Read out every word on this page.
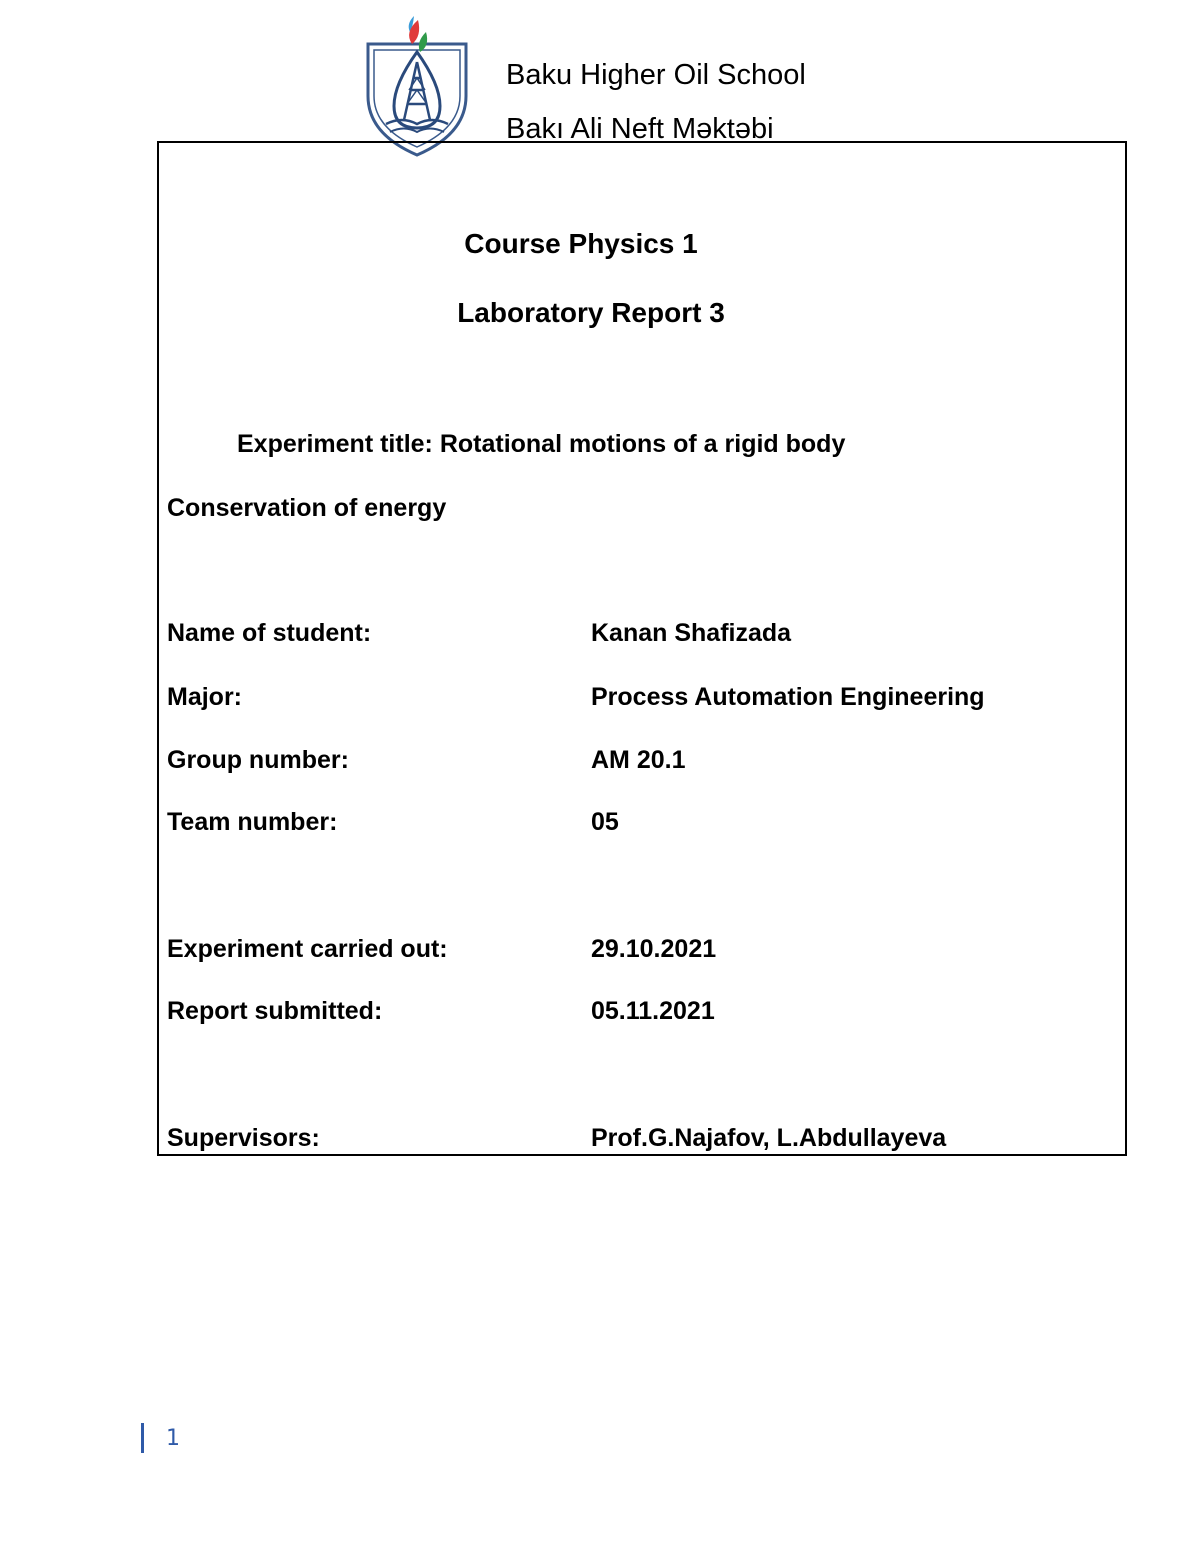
Baku Higher Oil School
Bakı Ali Neft Məktəbi
Course Physics 1
Laboratory Report 3
Experiment title: Rotational motions of a rigid body
Conservation of energy
Name of student:	Kanan Shafizada
Major:	Process Automation Engineering
Group number:	AM 20.1
Team number:	05
Experiment carried out:	29.10.2021
Report submitted:	05.11.2021
Supervisors:	Prof.G.Najafov, L.Abdullayeva
1
